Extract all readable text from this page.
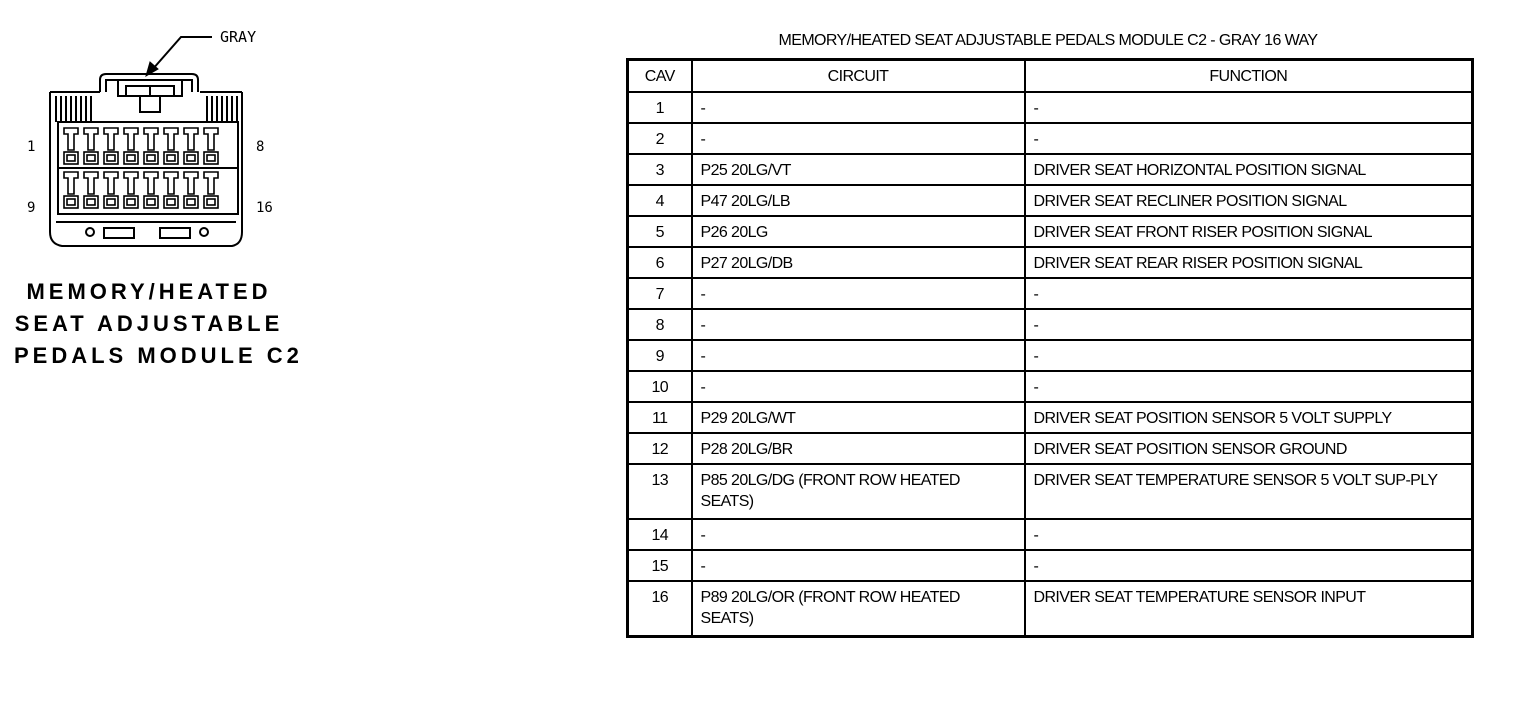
GRAY
1	8
9	16
MEMORY/HEATED
SEAT ADJUSTABLE
PEDALS MODULE C2
MEMORY/HEATED SEAT ADJUSTABLE PEDALS MODULE C2 - GRAY 16 WAY
CAV	CIRCUIT	FUNCTION
1	-	-
2	-	-
3	P25 20LG/VT	DRIVER SEAT HORIZONTAL POSITION SIGNAL
4	P47 20LG/LB	DRIVER SEAT RECLINER POSITION SIGNAL
5	P26 20LG	DRIVER SEAT FRONT RISER POSITION SIGNAL
6	P27 20LG/DB	DRIVER SEAT REAR RISER POSITION SIGNAL
7	-	-
8	-	-
9	-	-
10	-	-
11	P29 20LG/WT	DRIVER SEAT POSITION SENSOR 5 VOLT SUPPLY
12	P28 20LG/BR	DRIVER SEAT POSITION SENSOR GROUND
13	P85 20LG/DG (FRONT ROW HEATED SEATS)	DRIVER SEAT TEMPERATURE SENSOR 5 VOLT SUP-PLY
14	-	-
15	-	-
16	P89 20LG/OR (FRONT ROW HEATED SEATS)	DRIVER SEAT TEMPERATURE SENSOR INPUT
